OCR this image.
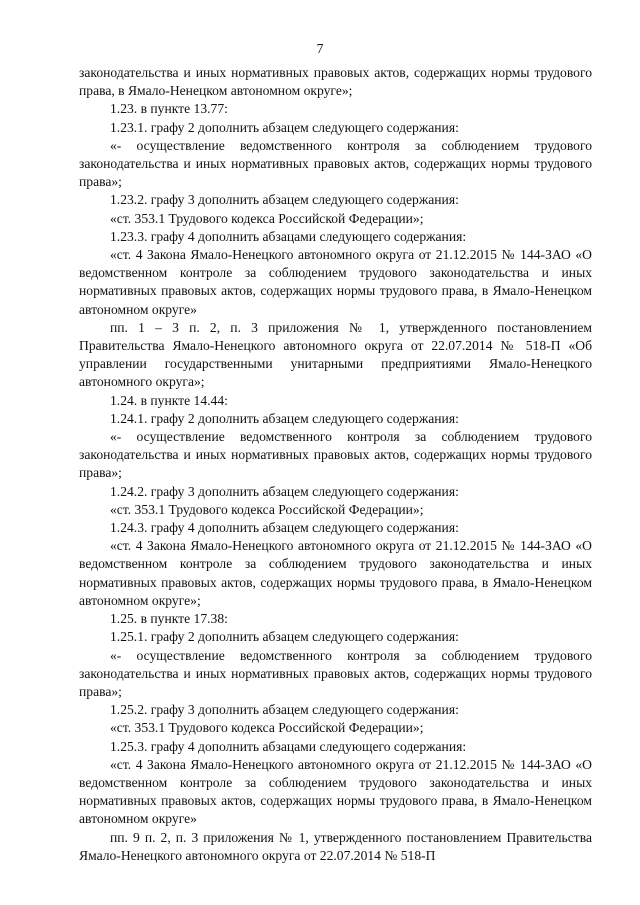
7

законодательства и иных нормативных правовых актов, содержащих нормы трудового права, в Ямало-Ненецком автономном округе»;

1.23. в пункте 13.77:

1.23.1. графу 2 дополнить абзацем следующего содержания:

«- осуществление ведомственного контроля за соблюдением трудового законодательства и иных нормативных правовых актов, содержащих нормы трудового права»;

1.23.2. графу 3 дополнить абзацем следующего содержания:

«ст. 353.1 Трудового кодекса Российской Федерации»;

1.23.3. графу 4 дополнить абзацами следующего содержания:

«ст. 4 Закона Ямало-Ненецкого автономного округа от 21.12.2015 № 144-ЗАО «О ведомственном контроле за соблюдением трудового законодательства и иных нормативных правовых актов, содержащих нормы трудового права, в Ямало-Ненецком автономном округе»

пп. 1 – 3 п. 2, п. 3 приложения № 1, утвержденного постановлением Правительства Ямало-Ненецкого автономного округа от 22.07.2014 № 518-П «Об управлении государственными унитарными предприятиями Ямало-Ненецкого автономного округа»;

1.24. в пункте 14.44:

1.24.1. графу 2 дополнить абзацем следующего содержания:

«- осуществление ведомственного контроля за соблюдением трудового законодательства и иных нормативных правовых актов, содержащих нормы трудового права»;

1.24.2. графу 3 дополнить абзацем следующего содержания:

«ст. 353.1 Трудового кодекса Российской Федерации»;

1.24.3. графу 4 дополнить абзацем следующего содержания:

«ст. 4 Закона Ямало-Ненецкого автономного округа от 21.12.2015 № 144-ЗАО «О ведомственном контроле за соблюдением трудового законодательства и иных нормативных правовых актов, содержащих нормы трудового права, в Ямало-Ненецком автономном округе»;

1.25. в пункте 17.38:

1.25.1. графу 2 дополнить абзацем следующего содержания:

«- осуществление ведомственного контроля за соблюдением трудового законодательства и иных нормативных правовых актов, содержащих нормы трудового права»;

1.25.2. графу 3 дополнить абзацем следующего содержания:

«ст. 353.1 Трудового кодекса Российской Федерации»;

1.25.3. графу 4 дополнить абзацами следующего содержания:

«ст. 4 Закона Ямало-Ненецкого автономного округа от 21.12.2015 № 144-ЗАО «О ведомственном контроле за соблюдением трудового законодательства и иных нормативных правовых актов, содержащих нормы трудового права, в Ямало-Ненецком автономном округе»

пп. 9 п. 2, п. 3 приложения № 1, утвержденного постановлением Правительства Ямало-Ненецкого автономного округа от 22.07.2014 № 518-П
